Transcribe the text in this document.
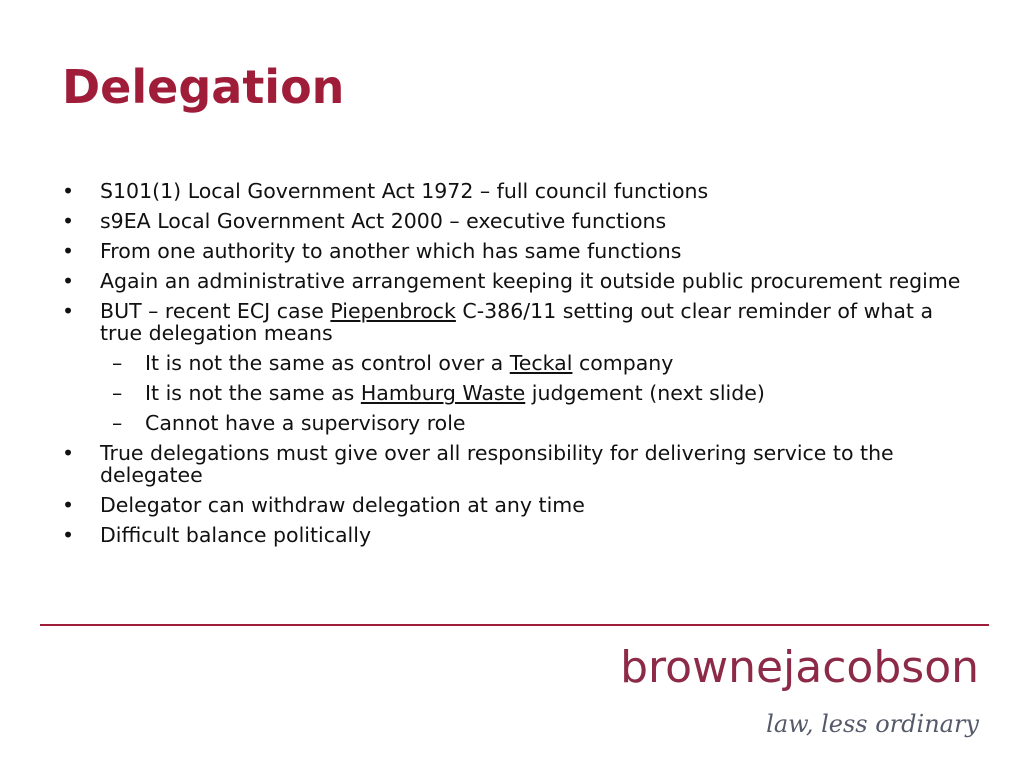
Delegation
•	S101(1) Local Government Act 1972 – full council functions
•	s9EA Local Government Act 2000 – executive functions
•	From one authority to another which has same functions
•	Again an administrative arrangement keeping it outside public procurement regime
•	BUT – recent ECJ case Piepenbrock C-386/11 setting out clear reminder of what a true delegation means
– It is not the same as control over a Teckal company
– It is not the same as Hamburg Waste judgement (next slide)
– Cannot have a supervisory role
•	True delegations must give over all responsibility for delivering service to the delegatee
•	Delegator can withdraw delegation at any time
•	Difficult balance politically
brownejacobson
law, less ordinary
